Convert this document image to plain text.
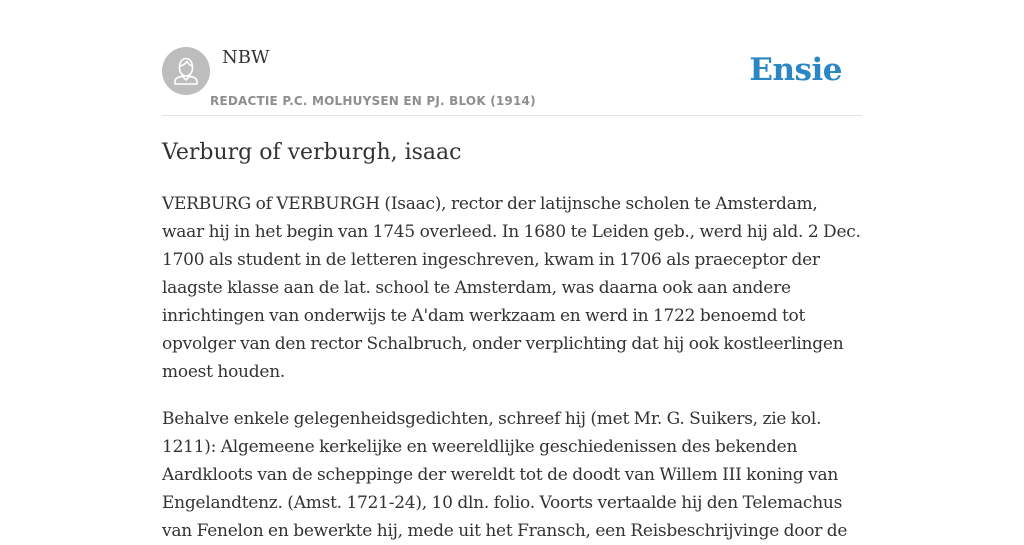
NBW
REDACTIE P.C. MOLHUYSEN EN PJ. BLOK (1914)
Ensie
Verburg of verburgh, isaac

VERBURG of VERBURGH (Isaac), rector der latijnsche scholen te Amsterdam, waar hij in het begin van 1745 overleed. In 1680 te Leiden geb., werd hij ald. 2 Dec. 1700 als student in de letteren ingeschreven, kwam in 1706 als praeceptor der laagste klasse aan de lat. school te Amsterdam, was daarna ook aan andere inrichtingen van onderwijs te A'dam werkzaam en werd in 1722 benoemd tot opvolger van den rector Schalbruch, onder verplichting dat hij ook kostleerlingen moest houden.

Behalve enkele gelegenheidsgedichten, schreef hij (met Mr. G. Suikers, zie kol. 1211): Algemeene kerkelijke en weereldlijke geschiedenissen des bekenden Aardkloots van de scheppinge der wereldt tot de doodt van Willem III koning van Engelandtenz. (Amst. 1721-24), 10 dln. folio. Voorts vertaalde hij den Telemachus van Fenelon en bewerkte hij, mede uit het Fransch, een Reisbeschrijvinge door de
